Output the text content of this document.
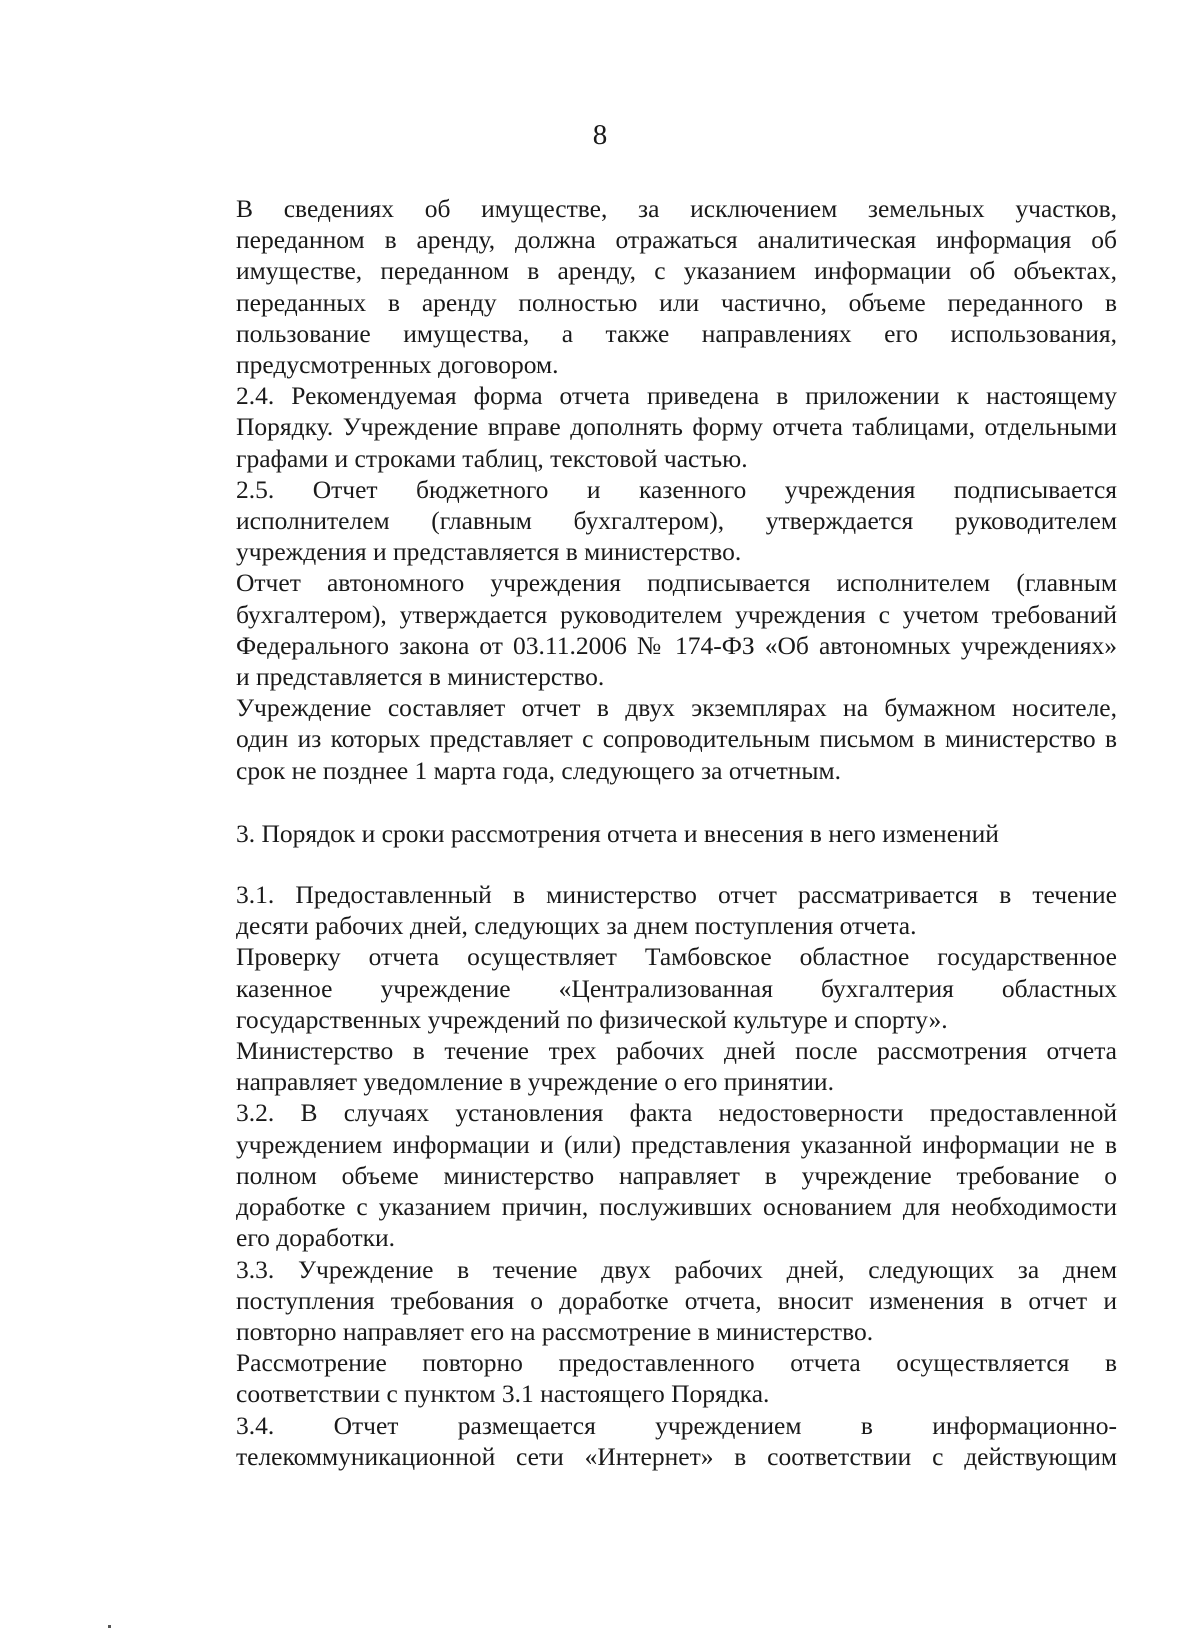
8

В сведениях об имуществе, за исключением земельных участков,
переданном в аренду, должна отражаться аналитическая информация об
имуществе, переданном в аренду, с указанием информации об объектах,
переданных в аренду полностью или частично, объеме переданного в
пользование имущества, а также направлениях его использования,
предусмотренных договором.

2.4. Рекомендуемая форма отчета приведена в приложении к настоящему
Порядку. Учреждение вправе дополнять форму отчета таблицами, отдельными
графами и строками таблиц, текстовой частью.

2.5. Отчет бюджетного и казенного учреждения подписывается
исполнителем (главным бухгалтером), утверждается руководителем
учреждения и представляется в министерство.

Отчет автономного учреждения подписывается исполнителем (главным
бухгалтером), утверждается руководителем учреждения с учетом требований
Федерального закона от 03.11.2006 № 174-ФЗ «Об автономных учреждениях»
и представляется в министерство.

Учреждение составляет отчет в двух экземплярах на бумажном носителе,
один из которых представляет с сопроводительным письмом в министерство в
срок не позднее 1 марта года, следующего за отчетным.

3. Порядок и сроки рассмотрения отчета и внесения в него изменений

3.1. Предоставленный в министерство отчет рассматривается в течение
десяти рабочих дней, следующих за днем поступления отчета.

Проверку отчета осуществляет Тамбовское областное государственное
казенное учреждение «Централизованная бухгалтерия областных
государственных учреждений по физической культуре и спорту».

Министерство в течение трех рабочих дней после рассмотрения отчета
направляет уведомление в учреждение о его принятии.

3.2. В случаях установления факта недостоверности предоставленной
учреждением информации и (или) представления указанной информации не в
полном объеме министерство направляет в учреждение требование о
доработке с указанием причин, послуживших основанием для необходимости
его доработки.

3.3. Учреждение в течение двух рабочих дней, следующих за днем
поступления требования о доработке отчета, вносит изменения в отчет и
повторно направляет его на рассмотрение в министерство.

Рассмотрение повторно предоставленного отчета осуществляется в
соответствии с пунктом 3.1 настоящего Порядка.

3.4. Отчет размещается учреждением в информационно-
телекоммуникационной сети «Интернет» в соответствии с действующим
